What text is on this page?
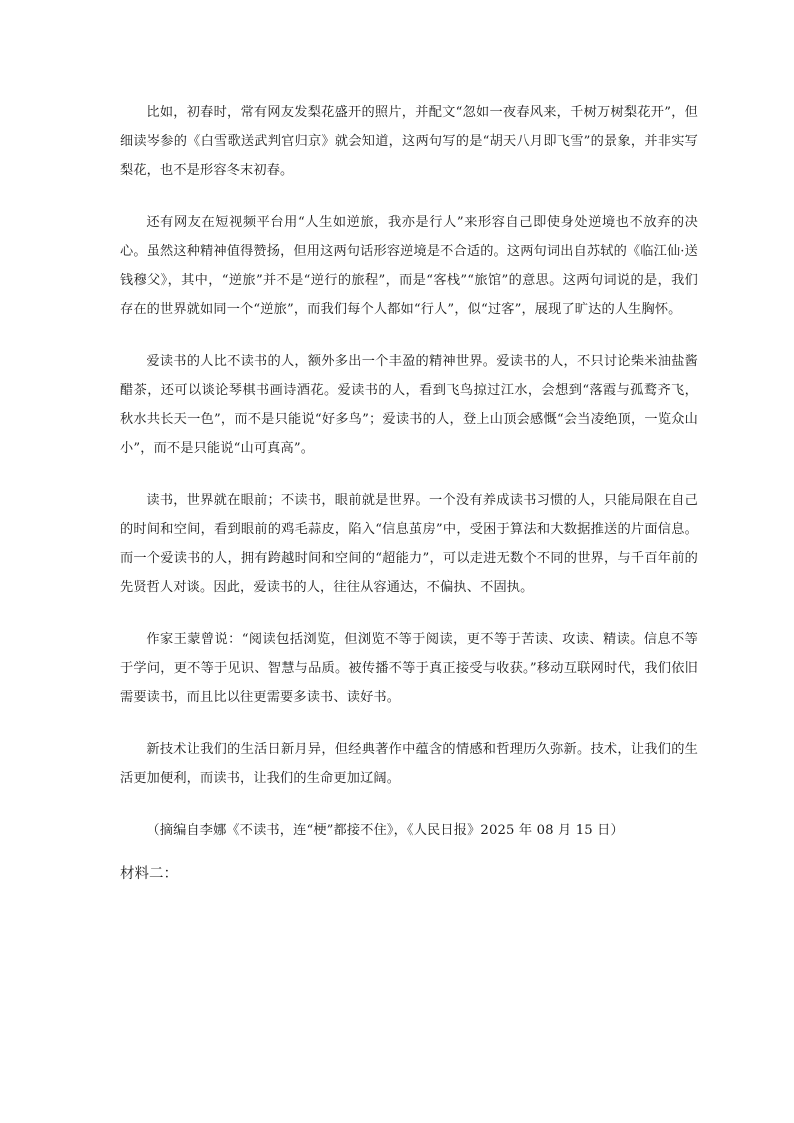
比如，初春时，常有网友发梨花盛开的照片，并配文“忽如一夜春风来，千树万树梨花开”，但细读岑参的《白雪歌送武判官归京》就会知道，这两句写的是“胡天八月即飞雪”的景象，并非实写梨花，也不是形容冬末初春。

还有网友在短视频平台用“人生如逆旅，我亦是行人”来形容自己即使身处逆境也不放弃的决心。虽然这种精神值得赞扬，但用这两句话形容逆境是不合适的。这两句词出自苏轼的《临江仙·送钱穆父》，其中，“逆旅”并不是“逆行的旅程”，而是“客栈”“旅馆”的意思。这两句词说的是，我们存在的世界就如同一个“逆旅”，而我们每个人都如“行人”，似“过客”，展现了旷达的人生胸怀。

爱读书的人比不读书的人，额外多出一个丰盈的精神世界。爱读书的人，不只讨论柴米油盐酱醋茶，还可以谈论琴棋书画诗酒花。爱读书的人，看到飞鸟掠过江水，会想到“落霞与孤鹜齐飞，秋水共长天一色”，而不是只能说“好多鸟”；爱读书的人，登上山顶会感慨“会当凌绝顶，一览众山小”，而不是只能说“山可真高”。

读书，世界就在眼前；不读书，眼前就是世界。一个没有养成读书习惯的人，只能局限在自己的时间和空间，看到眼前的鸡毛蒜皮，陷入“信息茧房”中，受困于算法和大数据推送的片面信息。而一个爱读书的人，拥有跨越时间和空间的“超能力”，可以走进无数个不同的世界，与千百年前的先贤哲人对谈。因此，爱读书的人，往往从容通达，不偏执、不固执。

作家王蒙曾说：“阅读包括浏览，但浏览不等于阅读，更不等于苦读、攻读、精读。信息不等于学问，更不等于见识、智慧与品质。被传播不等于真正接受与收获。”移动互联网时代，我们依旧需要读书，而且比以往更需要多读书、读好书。

新技术让我们的生活日新月异，但经典著作中蕴含的情感和哲理历久弥新。技术，让我们的生活更加便利，而读书，让我们的生命更加辽阔。

（摘编自李娜《不读书，连“梗”都接不住》，《人民日报》2025 年 08 月 15 日）

材料二：
